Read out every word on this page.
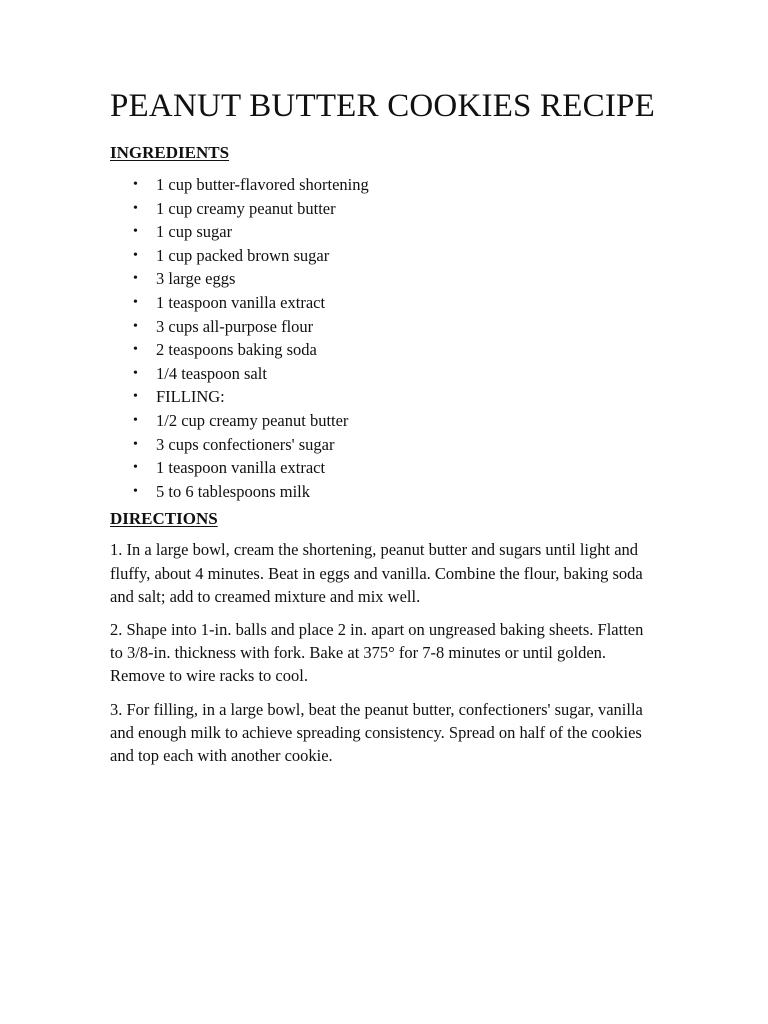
PEANUT BUTTER COOKIES RECIPE
INGREDIENTS
• 1 cup butter-flavored shortening
• 1 cup creamy peanut butter
• 1 cup sugar
• 1 cup packed brown sugar
• 3 large eggs
• 1 teaspoon vanilla extract
• 3 cups all-purpose flour
• 2 teaspoons baking soda
• 1/4 teaspoon salt
• FILLING:
• 1/2 cup creamy peanut butter
• 3 cups confectioners' sugar
• 1 teaspoon vanilla extract
• 5 to 6 tablespoons milk
DIRECTIONS

1. In a large bowl, cream the shortening, peanut butter and sugars until light and fluffy, about 4 minutes. Beat in eggs and vanilla. Combine the flour, baking soda and salt; add to creamed mixture and mix well.

2. Shape into 1-in. balls and place 2 in. apart on ungreased baking sheets. Flatten to 3/8-in. thickness with fork. Bake at 375° for 7-8 minutes or until golden. Remove to wire racks to cool.

3. For filling, in a large bowl, beat the peanut butter, confectioners' sugar, vanilla and enough milk to achieve spreading consistency. Spread on half of the cookies and top each with another cookie.
